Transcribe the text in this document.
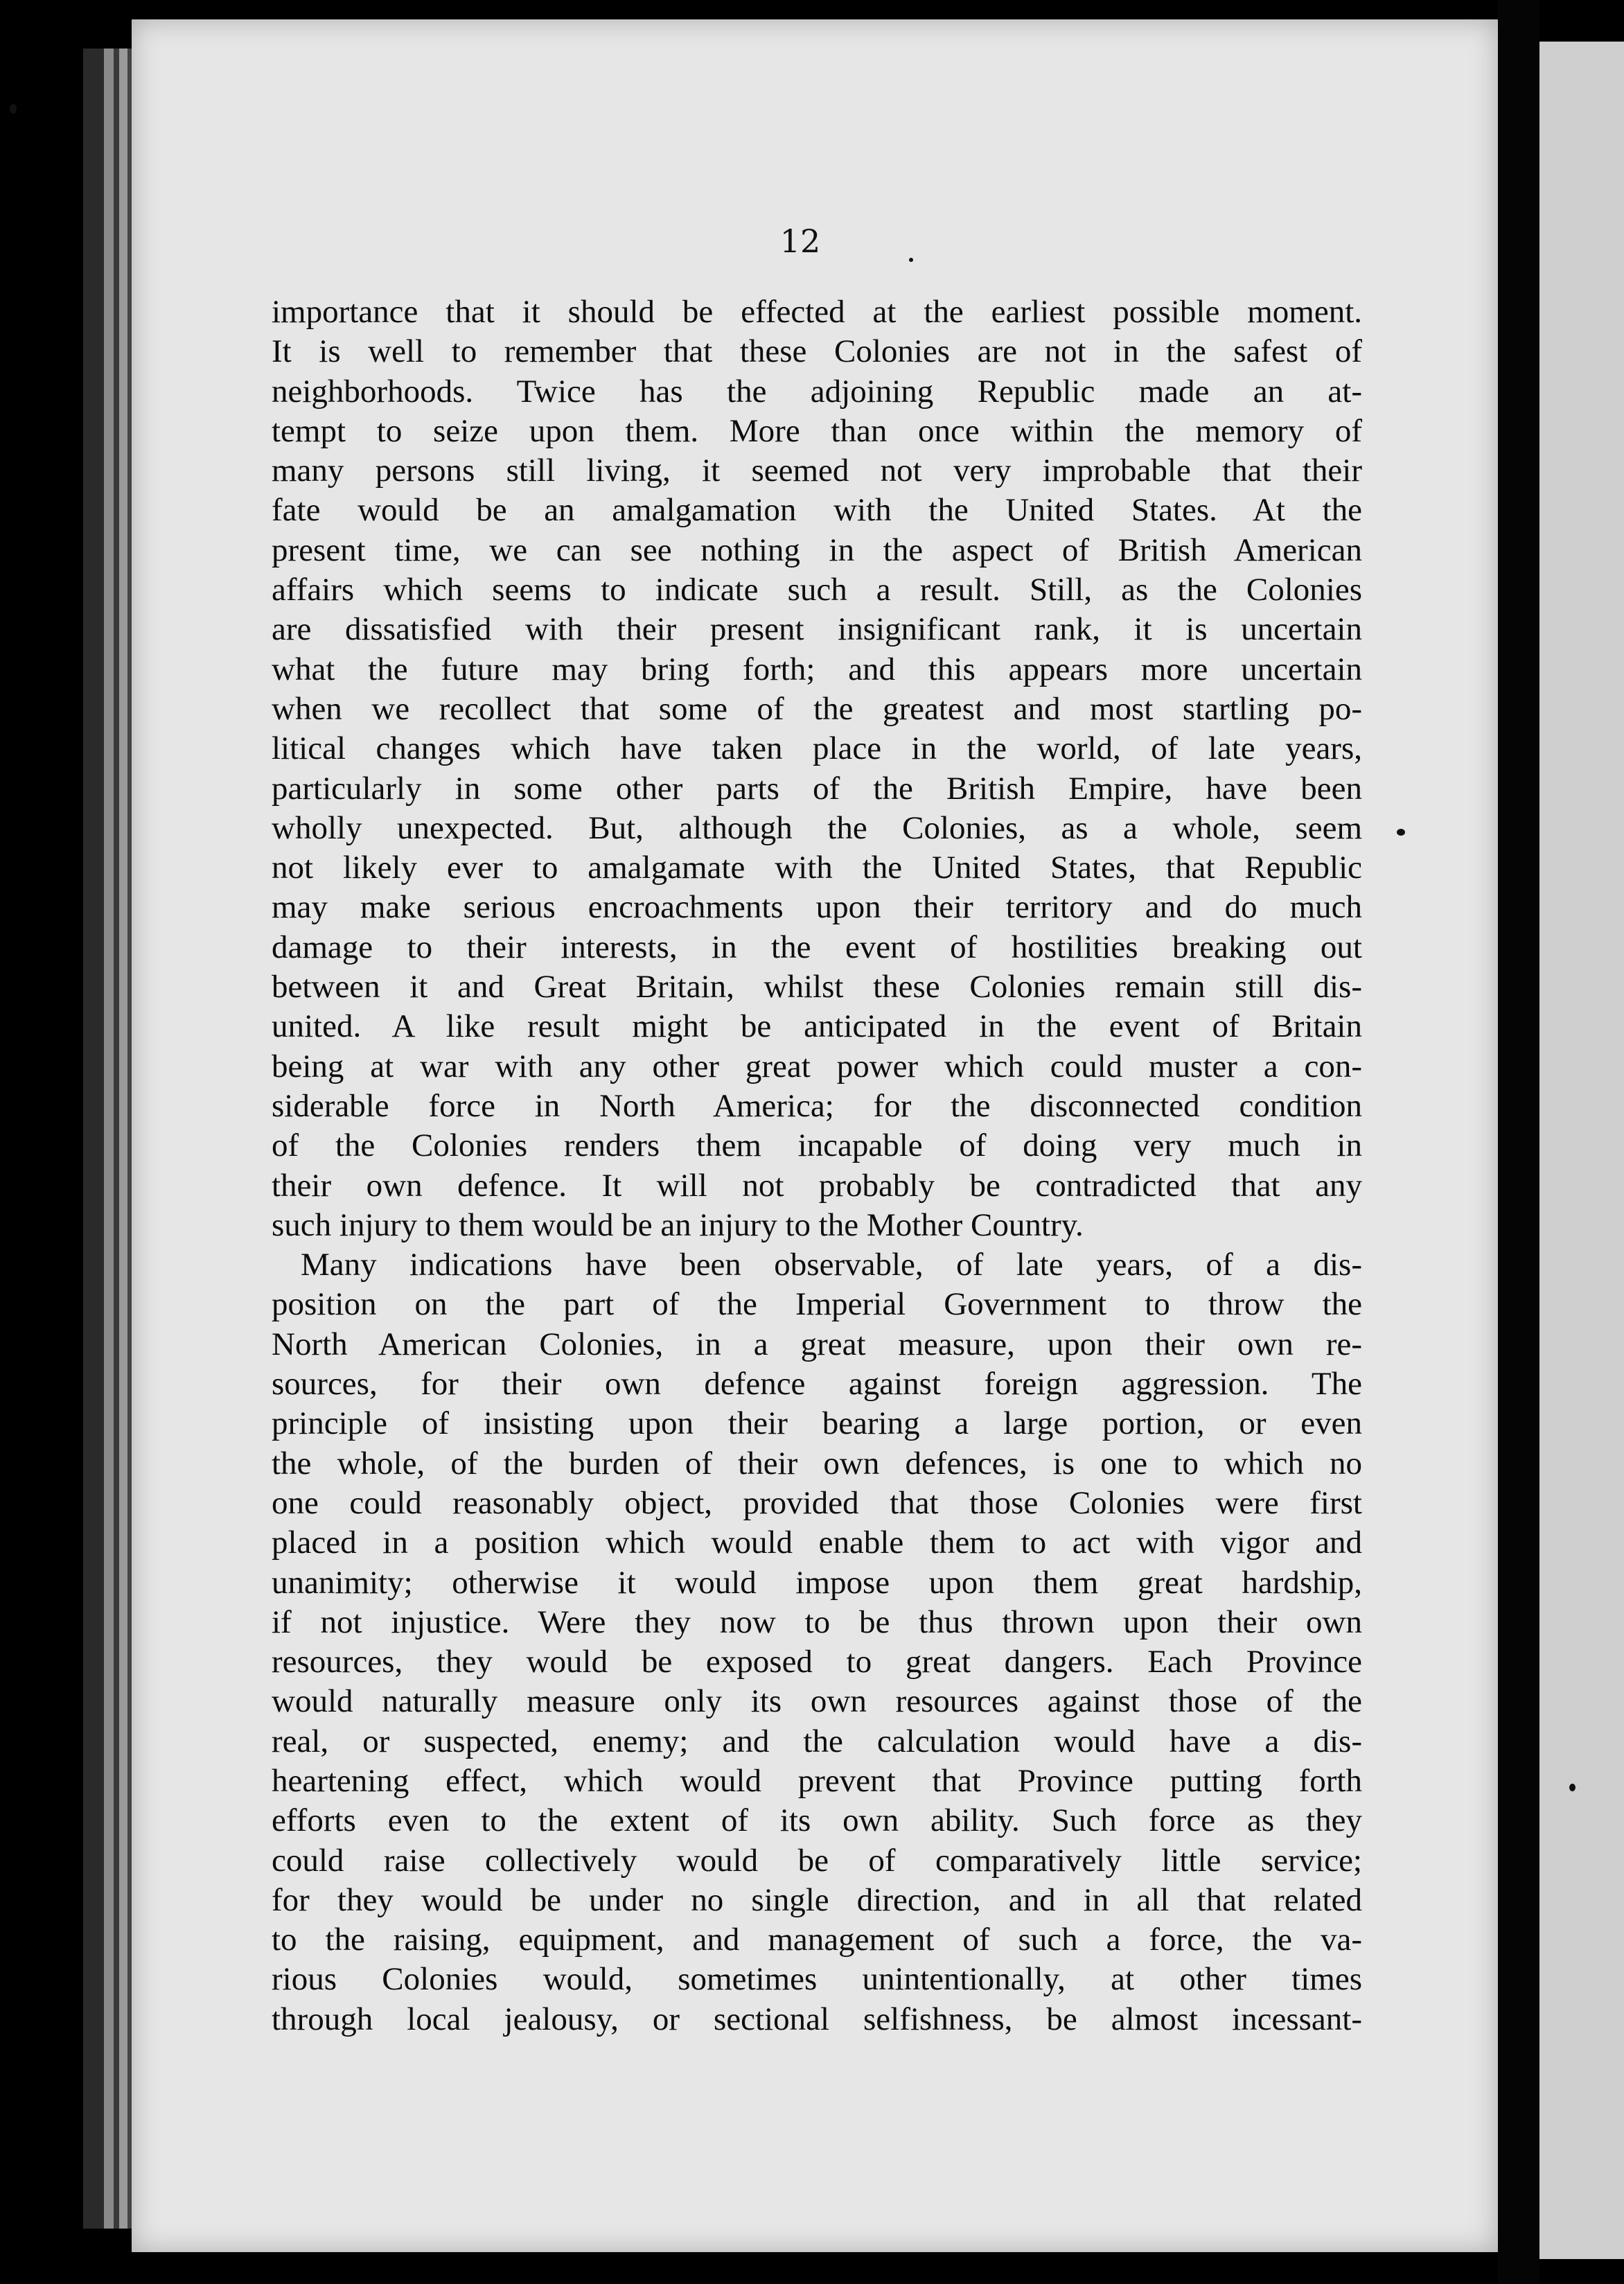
12
importance that it should be effected at the earliest possible moment.
It is well to remember that these Colonies are not in the safest of
neighborhoods. Twice has the adjoining Republic made an at-
tempt to seize upon them. More than once within the memory of
many persons still living, it seemed not very improbable that their
fate would be an amalgamation with the United States. At the
present time, we can see nothing in the aspect of British American
affairs which seems to indicate such a result. Still, as the Colonies
are dissatisfied with their present insignificant rank, it is uncertain
what the future may bring forth; and this appears more uncertain
when we recollect that some of the greatest and most startling po-
litical changes which have taken place in the world, of late years,
particularly in some other parts of the British Empire, have been
wholly unexpected. But, although the Colonies, as a whole, seem
not likely ever to amalgamate with the United States, that Republic
may make serious encroachments upon their territory and do much
damage to their interests, in the event of hostilities breaking out
between it and Great Britain, whilst these Colonies remain still dis-
united. A like result might be anticipated in the event of Britain
being at war with any other great power which could muster a con-
siderable force in North America; for the disconnected condition
of the Colonies renders them incapable of doing very much in
their own defence. It will not probably be contradicted that any
such injury to them would be an injury to the Mother Country.
Many indications have been observable, of late years, of a dis-
position on the part of the Imperial Government to throw the
North American Colonies, in a great measure, upon their own re-
sources, for their own defence against foreign aggression. The
principle of insisting upon their bearing a large portion, or even
the whole, of the burden of their own defences, is one to which no
one could reasonably object, provided that those Colonies were first
placed in a position which would enable them to act with vigor and
unanimity; otherwise it would impose upon them great hardship,
if not injustice. Were they now to be thus thrown upon their own
resources, they would be exposed to great dangers. Each Province
would naturally measure only its own resources against those of the
real, or suspected, enemy; and the calculation would have a dis-
heartening effect, which would prevent that Province putting forth
efforts even to the extent of its own ability. Such force as they
could raise collectively would be of comparatively little service;
for they would be under no single direction, and in all that related
to the raising, equipment, and management of such a force, the va-
rious Colonies would, sometimes unintentionally, at other times
through local jealousy, or sectional selfishness, be almost incessant-
